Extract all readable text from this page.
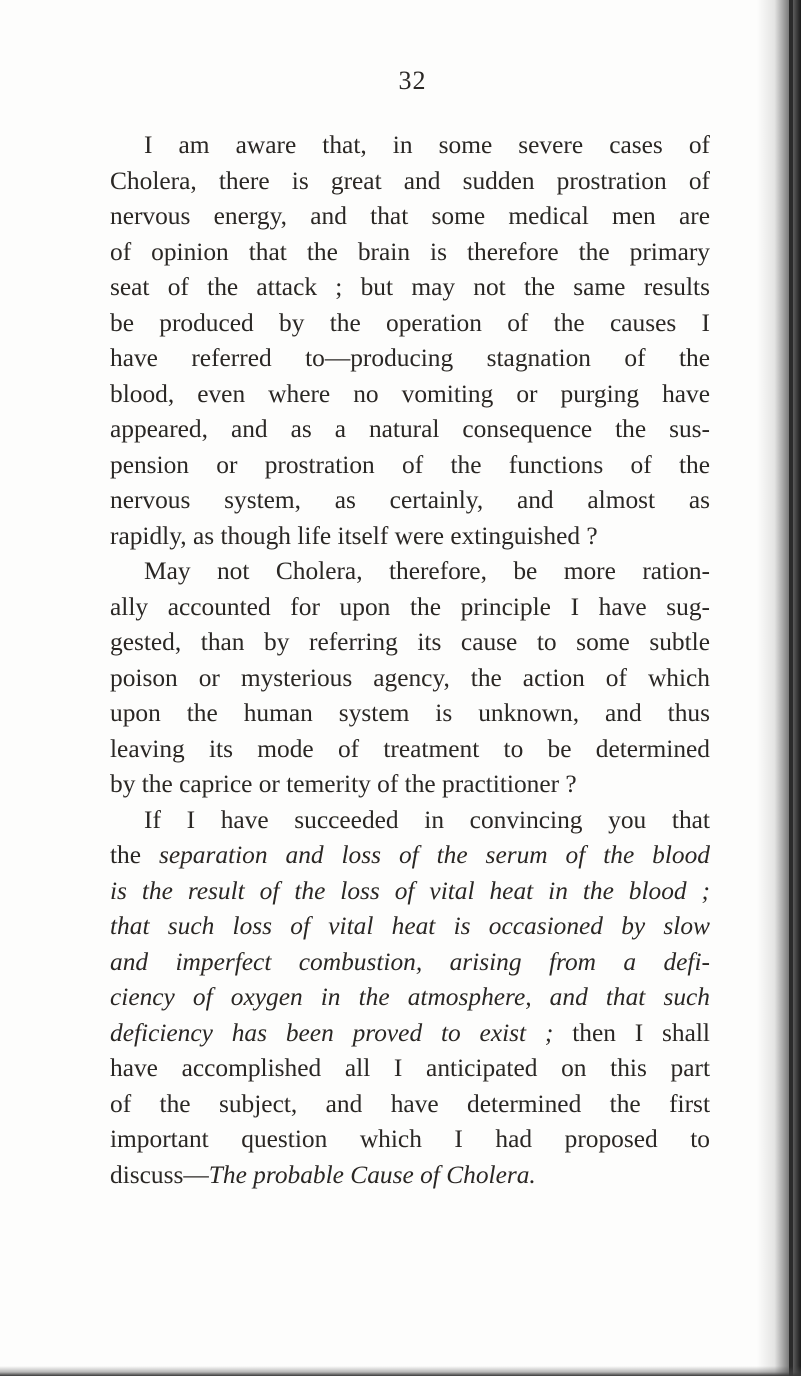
32
I am aware that, in some severe cases of
Cholera, there is great and sudden prostration of
nervous energy, and that some medical men are
of opinion that the brain is therefore the primary
seat of the attack ; but may not the same results
be produced by the operation of the causes I
have referred to—producing stagnation of the
blood, even where no vomiting or purging have
appeared, and as a natural consequence the sus-
pension or prostration of the functions of the
nervous system, as certainly, and almost as
rapidly, as though life itself were extinguished ?
May not Cholera, therefore, be more ration-
ally accounted for upon the principle I have sug-
gested, than by referring its cause to some subtle
poison or mysterious agency, the action of which
upon the human system is unknown, and thus
leaving its mode of treatment to be determined
by the caprice or temerity of the practitioner ?
If I have succeeded in convincing you that
the separation and loss of the serum of the blood
is the result of the loss of vital heat in the blood ;
that such loss of vital heat is occasioned by slow
and imperfect combustion, arising from a defi-
ciency of oxygen in the atmosphere, and that such
deficiency has been proved to exist ; then I shall
have accomplished all I anticipated on this part
of the subject, and have determined the first
important question which I had proposed to
discuss—The probable Cause of Cholera.
